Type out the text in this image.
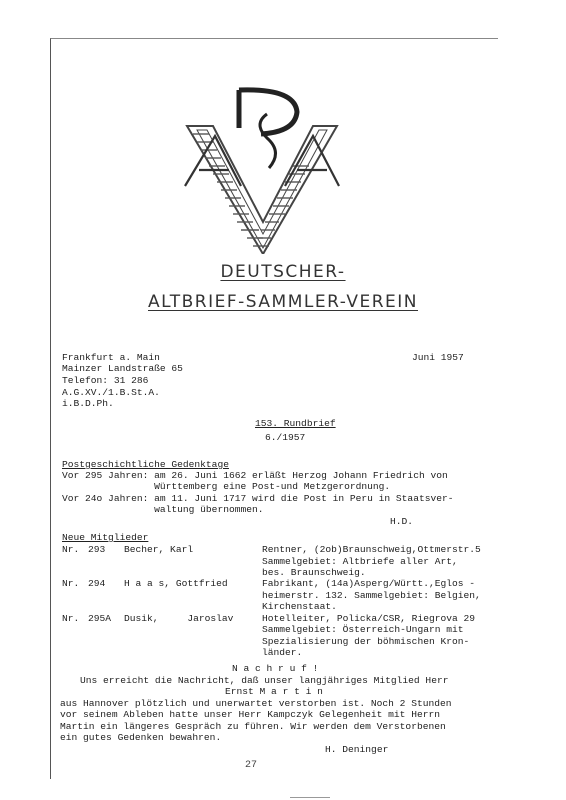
DEUTSCHER-
ALTBRIEF-SAMMLER-VEREIN
Frankfurt a. Main
Mainzer Landstraße 65
Telefon: 31 286
A.G.XV./1.B.St.A.
i.B.D.Ph.
Juni 1957
153. Rundbrief
6./1957
Postgeschichtliche Gedenktage
Vor 295 Jahren: am 26. Juni 1662 erläßt Herzog Johann Friedrich von
Württemberg eine Post-und Metzgerordnung.
Vor 24o Jahren: am 11. Juni 1717 wird die Post in Peru in Staatsver-
waltung übernommen.
H.D.
Neue Mitglieder
Nr. 293 Becher, Karl	Rentner, (2ob)Braunschweig,Ottmerstr.5
Sammelgebiet: Altbriefe aller Art,
bes. Braunschweig.
Nr. 294 H a a s, Gottfried	Fabrikant, (14a)Asperg/Württ.,Eglos -
heimerstr. 132. Sammelgebiet: Belgien,
Kirchenstaat.
Nr. 295A Dusik,     Jaroslav	Hotelleiter, Policka/CSR, Riegrova 29
Sammelgebiet: Österreich-Ungarn mit
Spezialisierung der böhmischen Kron-
länder.
N a c h r u f !
Uns erreicht die Nachricht, daß unser langjähriges Mitglied Herr
Ernst M a r t i n
aus Hannover plötzlich und unerwartet verstorben ist. Noch 2 Stunden
vor seinem Ableben hatte unser Herr Kampczyk Gelegenheit mit Herrn
Martin ein längeres Gespräch zu führen. Wir werden dem Verstorbenen
ein gutes Gedenken bewahren.
H. Deninger
27
